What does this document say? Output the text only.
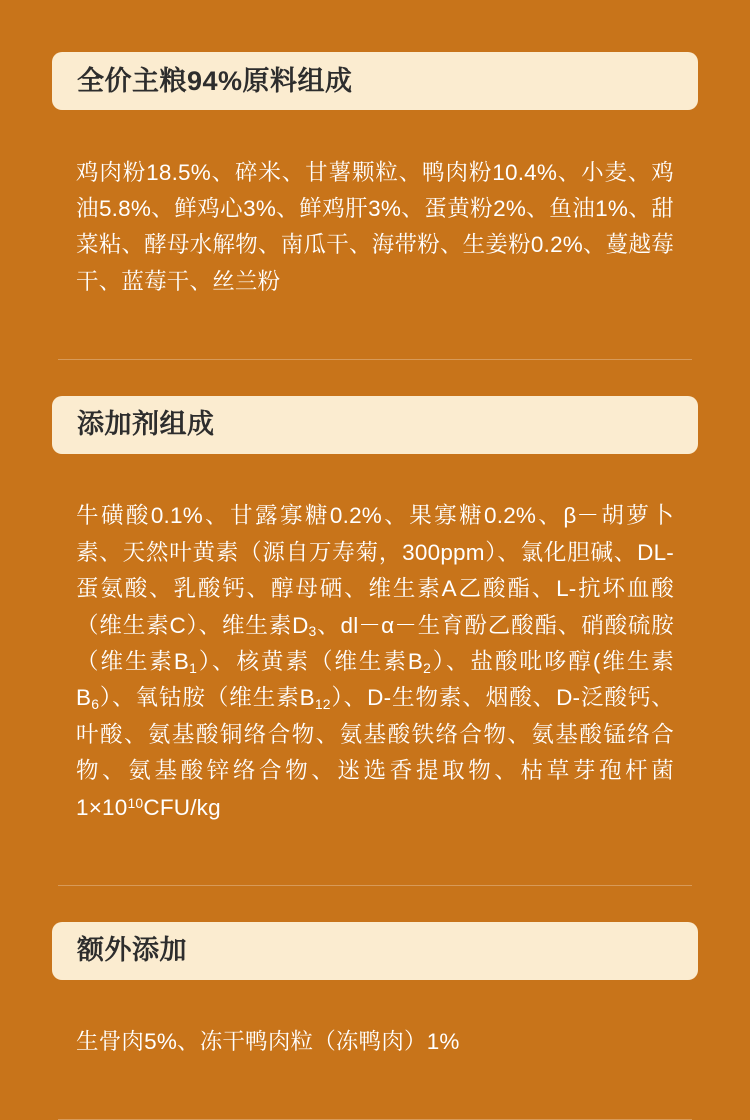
全价主粮94%原料组成

鸡肉粉18.5%、碎米、甘薯颗粒、鸭肉粉10.4%、小麦、鸡油5.8%、鲜鸡心3%、鲜鸡肝3%、蛋黄粉2%、鱼油1%、甜菜粘、酵母水解物、南瓜干、海带粉、生姜粉0.2%、蔓越莓干、蓝莓干、丝兰粉

添加剂组成

牛磺酸0.1%、甘露寡糖0.2%、果寡糖0.2%、β－胡萝卜素、天然叶黄素（源自万寿菊，300ppm）、氯化胆碱、DL-蛋氨酸、乳酸钙、醇母硒、维生素A乙酸酯、L-抗坏血酸（维生素C）、维生素$D_3$、dl－α－生育酚乙酸酯、硝酸硫胺（维生素$B_1$）、核黄素（维生素$B_2$）、盐酸吡哆醇(维生素$B_6$）、氧钴胺（维生素$B_{12}$）、D-生物素、烟酸、D-泛酸钙、叶酸、氨基酸铜络合物、氨基酸铁络合物、氨基酸锰络合物、氨基酸锌络合物、迷选香提取物、枯草芽孢杆菌 $1\times 10^{10}CFU/kg$

额外添加

生骨肉5%、冻干鸭肉粒（冻鸭肉）1%
